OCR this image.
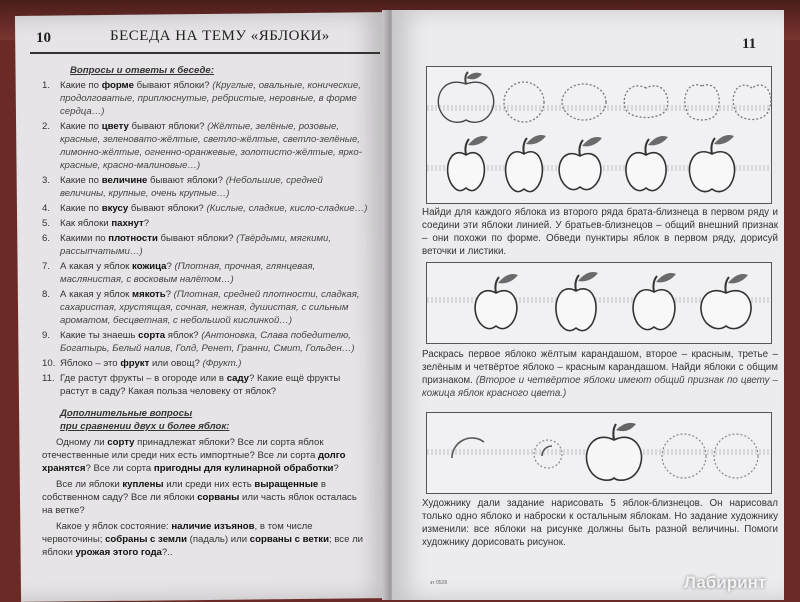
10	БЕСЕДА НА ТЕМУ «ЯБЛОКИ»
Вопросы и ответы к беседе:
1. Какие по форме бывают яблоки? (Круглые, овальные, конические, продолговатые, приплюснутые, ребристые, неровные, в форме сердца…)
2. Какие по цвету бывают яблоки? (Жёлтые, зелёные, розовые, красные, зеленовато-жёлтые, светло-жёлтые, светло-зелёные, лимонно-жёлтые, огненно-оранжевые, золотисто-жёлтые, ярко-красные, красно-малиновые…)
3. Какие по величине бывают яблоки? (Небольшие, средней величины, крупные, очень крупные…)
4. Какие по вкусу бывают яблоки? (Кислые, сладкие, кисло-сладкие…)
5. Как яблоки пахнут?
6. Какими по плотности бывают яблоки? (Твёрдыми, мягкими, рассыпчатыми…)
7. А какая у яблок кожица? (Плотная, прочная, глянцевая, маслянистая, с восковым налётом…)
8. А какая у яблок мякоть? (Плотная, средней плотности, сладкая, сахаристая, хрустящая, сочная, нежная, душистая, с сильным ароматом, бесцветная, с небольшой кислинкой…)
9. Какие ты знаешь сорта яблок? (Антоновка, Слава победителю, Богатырь, Белый налив, Голд, Ренет, Гранни, Смит, Гольден…)
10. Яблоко – это фрукт или овощ? (Фрукт.)
11. Где растут фрукты – в огороде или в саду? Какие ещё фрукты растут в саду? Какая польза человеку от яблок?
Дополнительные вопросы
при сравнении двух и более яблок:
Одному ли сорту принадлежат яблоки? Все ли сорта яблок отечественные или среди них есть импортные? Все ли сорта долго хранятся? Все ли сорта пригодны для кулинарной обработки?
Все ли яблоки куплены или среди них есть выращенные в собственном саду? Все ли яблоки сорваны или часть яблок осталась на ветке?
Какое у яблок состояние: наличие изъянов, в том числе червоточины; собраны с земли (падаль) или сорваны с ветки; все ли яблоки урожая этого года?..
11
Найди для каждого яблока из второго ряда брата-близнеца в первом ряду и соедини эти яблоки линией. У братьев-близнецов – общий внешний признак – они похожи по форме. Обведи пунктиры яблок в первом ряду, дорисуй веточки и листики.
Раскрась первое яблоко жёлтым карандашом, второе – красным, третье – зелёным и четвёртое яблоко – красным карандашом. Найди яблоки с общим признаком. (Второе и четвёртое яблоки имеют общий признак по цвету – кожица яблок красного цвета.)
Художнику дали задание нарисовать 5 яблок-близнецов. Он нарисовал только одно яблоко и наброски к остальным яблокам. Но задание художнику изменили: все яблоки на рисунке должны быть разной величины. Помоги художнику дорисовать рисунок.
зт 0528	Лабиринт
